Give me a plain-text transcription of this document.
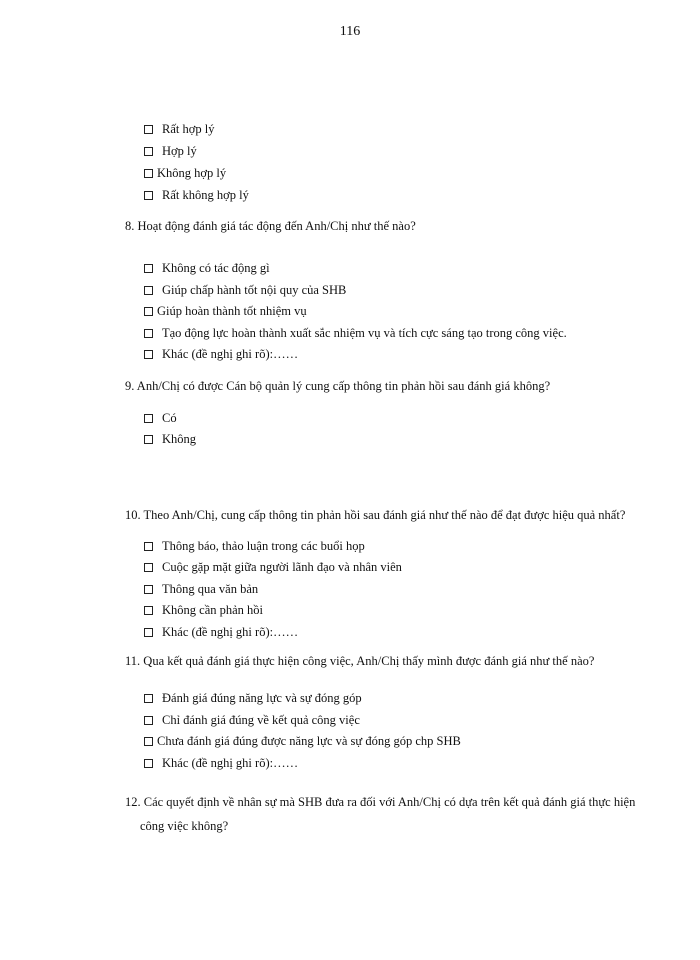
116
Rất hợp lý
Hợp lý
Không hợp lý
Rất không hợp lý
8. Hoạt động đánh giá tác động đến Anh/Chị như thế nào?
Không có tác động gì
Giúp chấp hành tốt nội quy của SHB
Giúp hoàn thành tốt nhiệm vụ
Tạo động lực hoàn thành xuất sắc nhiệm vụ và tích cực sáng tạo trong công việc.
Khác (đề nghị ghi rõ):……
9. Anh/Chị có được Cán bộ quản lý cung cấp thông tin phản hồi sau đánh giá không?
Có
Không
10. Theo Anh/Chị, cung cấp thông tin phản hồi sau đánh giá như thế nào để đạt được hiệu quả nhất?
Thông báo, thảo luận trong các buổi họp
Cuộc gặp mặt giữa người lãnh đạo và nhân viên
Thông qua văn bản
Không cần phản hồi
Khác (đề nghị ghi rõ):……
11. Qua kết quả đánh giá thực hiện công việc, Anh/Chị thấy mình được đánh giá như thế nào?
Đánh giá đúng năng lực và sự đóng góp
Chỉ đánh giá đúng về kết quả công việc
Chưa đánh giá đúng được năng lực và sự đóng góp chp SHB
Khác (đề nghị ghi rõ):……
12. Các quyết định về nhân sự mà SHB đưa ra đối với Anh/Chị có dựa trên kết quả đánh giá thực hiện công việc không?
